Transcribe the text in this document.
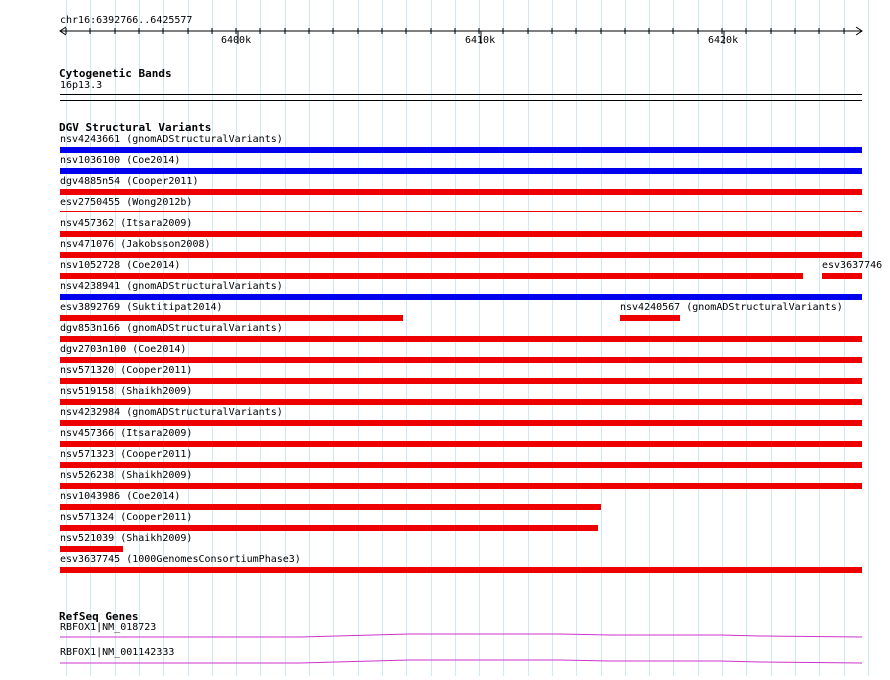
chr16:6392766..6425577
6400k	6410k	6420k
Cytogenetic Bands
16p13.3
DGV Structural Variants
nsv4243661 (gnomADStructuralVariants)
nsv1036100 (Coe2014)
dgv4885n54 (Cooper2011)
esv2750455 (Wong2012b)
nsv457362 (Itsara2009)
nsv471076 (Jakobsson2008)
nsv1052728 (Coe2014)	esv3637746
nsv4238941 (gnomADStructuralVariants)
esv3892769 (Suktitipat2014)	nsv4240567 (gnomADStructuralVariants)
dgv853n166 (gnomADStructuralVariants)
dgv2703n100 (Coe2014)
nsv571320 (Cooper2011)
nsv519158 (Shaikh2009)
nsv4232984 (gnomADStructuralVariants)
nsv457366 (Itsara2009)
nsv571323 (Cooper2011)
nsv526238 (Shaikh2009)
nsv1043986 (Coe2014)
nsv571324 (Cooper2011)
nsv521039 (Shaikh2009)
esv3637745 (1000GenomesConsortiumPhase3)
RefSeq Genes
RBFOX1|NM_018723
RBFOX1|NM_001142333
